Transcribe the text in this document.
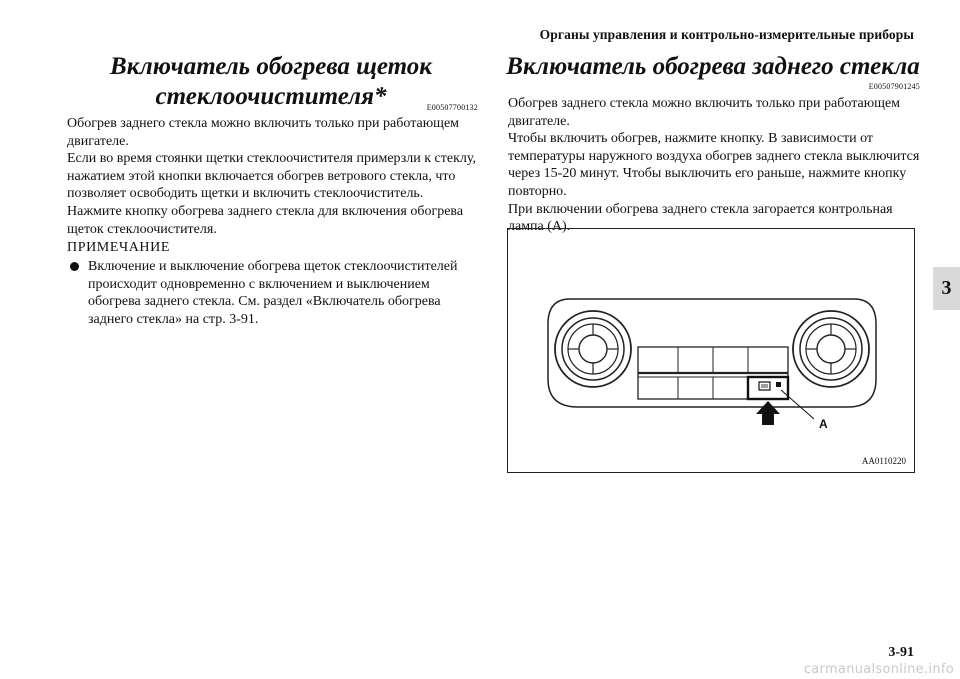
Органы управления и контрольно-измерительные приборы
Включатель обогрева щеток стеклоочистителя*	E00507700132
Обогрев заднего стекла можно включить только при работающем двигателе.
Если во время стоянки щетки стеклоочистителя примерзли к стеклу, нажатием этой кнопки включается обогрев ветрового стекла, что позволяет освободить щетки и включить стеклоочиститель. Нажмите кнопку обогрева заднего стекла для включения обогрева щеток стеклоочистителя.
ПРИМЕЧАНИЕ
Включение и выключение обогрева щеток стеклоочистителей происходит одновременно с включением и выключением обогрева заднего стекла. См. раздел «Включатель обогрева заднего стекла» на стр. 3-91.
Включатель обогрева заднего стекла
E00507901245
Обогрев заднего стекла можно включить только при работающем двигателе.
Чтобы включить обогрев, нажмите кнопку. В зависимости от температуры наружного воздуха обогрев заднего стекла выключится через 15-20 минут. Чтобы выключить его раньше, нажмите кнопку повторно.
При включении обогрева заднего стекла загорается контрольная лампа (А).
A
AA0110220
3
3-91
carmanualsonline.info
